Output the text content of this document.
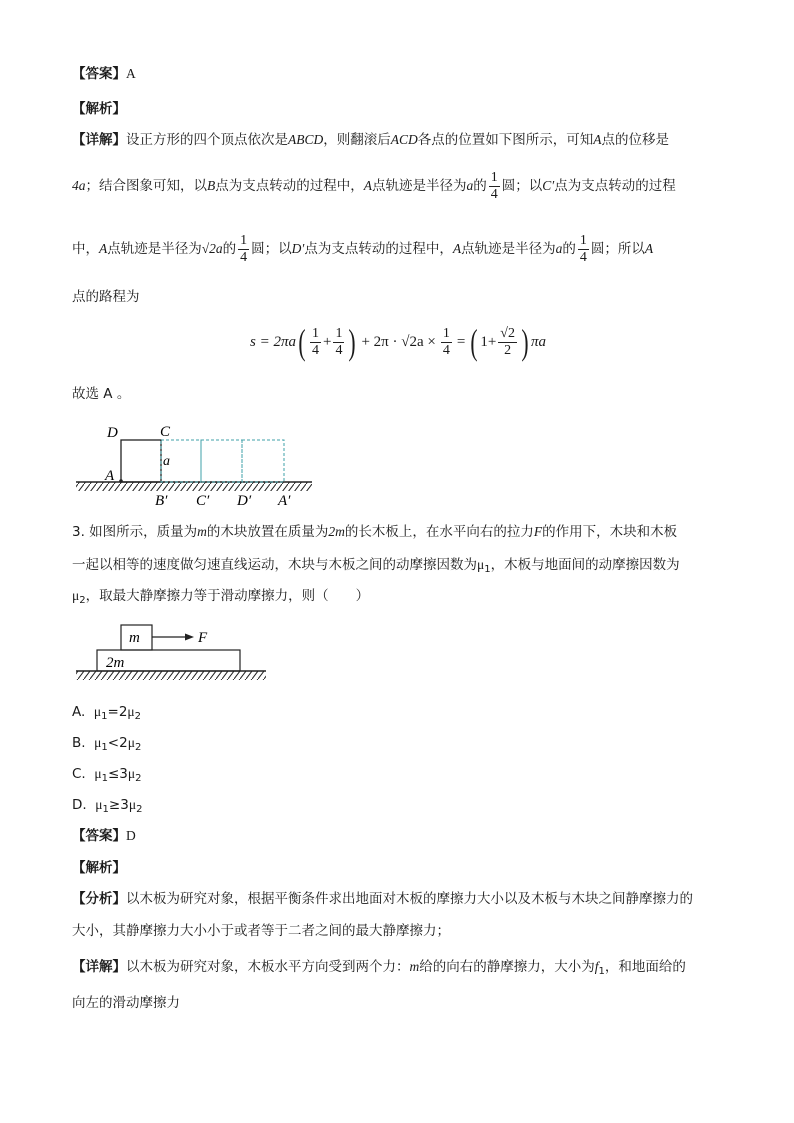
【答案】A
【解析】
【详解】设正方形的四个顶点依次是ABCD，则翻滚后ACD各点的位置如下图所示，可知A点的位移是
4a ；结合图象可知，以 B 点为支点转动的过程中， A 点轨迹是半径为 a 的 $\frac{1}{4}$ 圆；以 C′ 点为支点转动的过程
中， A 点轨迹是半径为 √2a 的 $\frac{1}{4}$ 圆；以 D′ 点为支点转动的过程中， A 点轨迹是半径为 a 的 $\frac{1}{4}$ 圆；所以 A
点的路程为
s = 2πa ( $\frac{1}{4} + \frac{1}{4}$ ) + $2\pi \cdot √2a \times \frac{1}{4}$ = ( $1+ \frac{√2}{2}$ ) πa
故选 A 。
D	C
a
A
B′ C′ D′ A′
3. 如图所示，质量为m的木块放置在质量为2m的长木板上，在水平向右的拉力F的作用下，木块和木板
一起以相等的速度做匀速直线运动，木块与木板之间的动摩擦因数为$\mu_1$，木板与地面间的动摩擦因数为
$\mu_2$，取最大静摩擦力等于滑动摩擦力，则（　　）
m	F
2m
A. $\mu_1=2\mu_2$
B. $\mu_1<2\mu_2$
C. $\mu_1\le 3\mu_2$
D. $\mu_1\ge 3\mu_2$
【答案】D
【解析】
【分析】以木板为研究对象，根据平衡条件求出地面对木板的摩擦力大小以及木板与木块之间静摩擦力的
大小，其静摩擦力大小小于或者等于二者之间的最大静摩擦力；
【详解】以木板为研究对象，木板水平方向受到两个力：m给的向右的静摩擦力，大小为$f_1$，和地面给的
向左的滑动摩擦力
